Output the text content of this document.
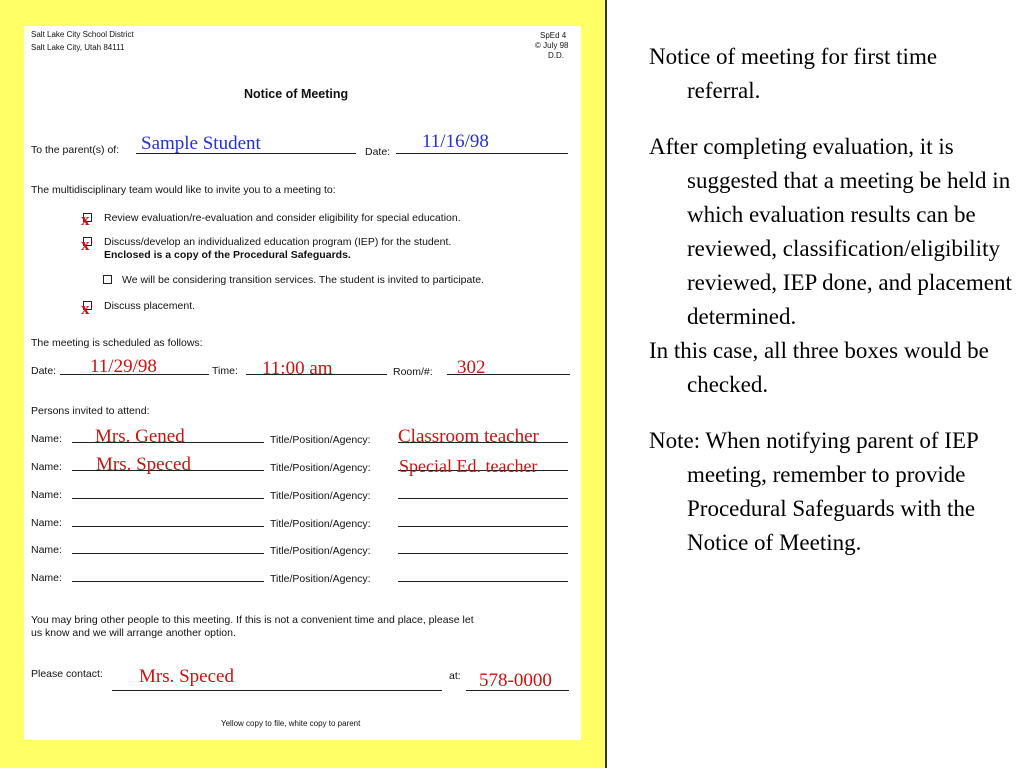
Salt Lake City School District
Salt Lake City, Utah 84111
SpEd 4
© July 98
D.D.
Notice of Meeting
To the parent(s) of: Sample Student	Date: 11/16/98
The multidisciplinary team would like to invite you to a meeting to:
x Review evaluation/re-evaluation and consider eligibility for special education.
x Discuss/develop an individualized education program (IEP) for the student.
Enclosed is a copy of the Procedural Safeguards.
We will be considering transition services. The student is invited to participate.
x Discuss placement.
The meeting is scheduled as follows:
Date: 11/29/98	Time: 11:00 am	Room/#: 302
Persons invited to attend:
Name: Mrs. Gened	Title/Position/Agency: Classroom teacher
Name: Mrs. Speced	Title/Position/Agency: Special Ed. teacher
Name:	Title/Position/Agency:
Name:	Title/Position/Agency:
Name:	Title/Position/Agency:
Name:	Title/Position/Agency:
You may bring other people to this meeting. If this is not a convenient time and place, please let
us know and we will arrange another option.
Please contact: Mrs. Speced	at: 578-0000
Yellow copy to file, white copy to parent

Notice of meeting for first time referral.

After completing evaluation, it is suggested that a meeting be held in which evaluation results can be reviewed, classification/eligibility reviewed, IEP done, and placement determined.

In this case, all three boxes would be checked.

Note: When notifying parent of IEP meeting, remember to provide Procedural Safeguards with the Notice of Meeting.
